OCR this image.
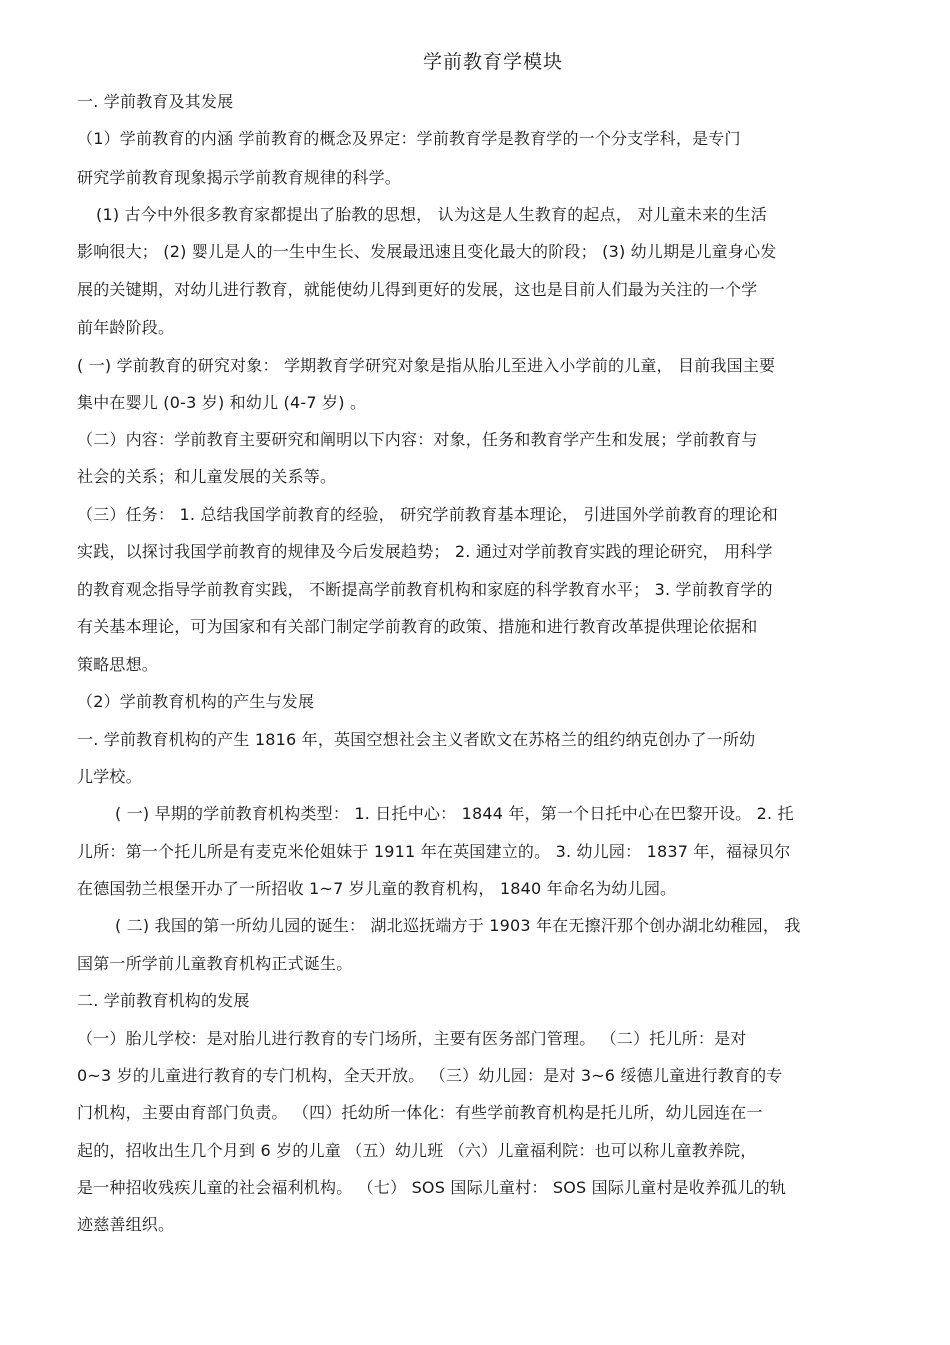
学前教育学模块
一. 学前教育及其发展
（1）学前教育的内涵 学前教育的概念及界定：学前教育学是教育学的一个分支学科，是专门
研究学前教育现象揭示学前教育规律的科学。
(1) 古今中外很多教育家都提出了胎教的思想， 认为这是人生教育的起点， 对儿童未来的生活
影响很大； (2) 婴儿是人的一生中生长、发展最迅速且变化最大的阶段； (3) 幼儿期是儿童身心发
展的关键期，对幼儿进行教育，就能使幼儿得到更好的发展，这也是目前人们最为关注的一个学
前年龄阶段。
( 一) 学前教育的研究对象： 学期教育学研究对象是指从胎儿至进入小学前的儿童， 目前我国主要
集中在婴儿 (0-3 岁) 和幼儿 (4-7 岁) 。
（二）内容：学前教育主要研究和阐明以下内容：对象，任务和教育学产生和发展；学前教育与
社会的关系；和儿童发展的关系等。
（三）任务： 1. 总结我国学前教育的经验， 研究学前教育基本理论， 引进国外学前教育的理论和
实践，以探讨我国学前教育的规律及今后发展趋势； 2. 通过对学前教育实践的理论研究， 用科学
的教育观念指导学前教育实践， 不断提高学前教育机构和家庭的科学教育水平； 3. 学前教育学的
有关基本理论，可为国家和有关部门制定学前教育的政策、措施和进行教育改革提供理论依据和
策略思想。
（2）学前教育机构的产生与发展
一. 学前教育机构的产生 1816 年，英国空想社会主义者欧文在苏格兰的组约纳克创办了一所幼
儿学校。
( 一) 早期的学前教育机构类型： 1. 日托中心： 1844 年，第一个日托中心在巴黎开设。 2. 托
儿所：第一个托儿所是有麦克米伦姐妹于 1911 年在英国建立的。 3. 幼儿园： 1837 年，福禄贝尔
在德国勃兰根堡开办了一所招收 1~7 岁儿童的教育机构， 1840 年命名为幼儿园。
( 二) 我国的第一所幼儿园的诞生： 湖北巡抚端方于 1903 年在无擦汗那个创办湖北幼稚园， 我
国第一所学前儿童教育机构正式诞生。
二. 学前教育机构的发展
（一）胎儿学校：是对胎儿进行教育的专门场所，主要有医务部门管理。 （二）托儿所：是对
0~3 岁的儿童进行教育的专门机构，全天开放。 （三）幼儿园：是对 3~6 绥德儿童进行教育的专
门机构，主要由育部门负责。 （四）托幼所一体化：有些学前教育机构是托儿所，幼儿园连在一
起的，招收出生几个月到 6 岁的儿童 （五）幼儿班 （六）儿童福利院：也可以称儿童教养院，
是一种招收残疾儿童的社会福利机构。 （七） SOS 国际儿童村： SOS 国际儿童村是收养孤儿的轨
迹慈善组织。
